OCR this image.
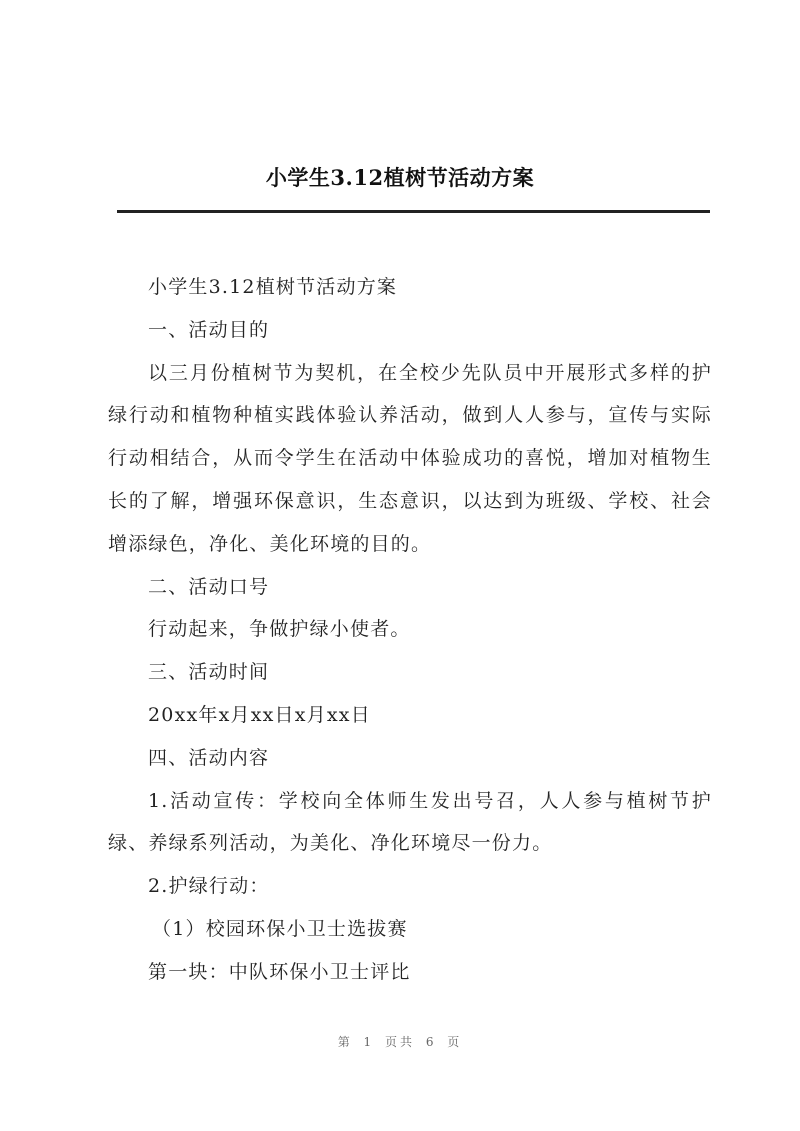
小学生3.12植树节活动方案

小学生3.12植树节活动方案

一、活动目的

以三月份植树节为契机，在全校少先队员中开展形式多样的护绿行动和植物种植实践体验认养活动，做到人人参与，宣传与实际行动相结合，从而令学生在活动中体验成功的喜悦，增加对植物生长的了解，增强环保意识，生态意识，以达到为班级、学校、社会增添绿色，净化、美化环境的目的。

二、活动口号

行动起来，争做护绿小使者。

三、活动时间

20xx年x月xx日x月xx日

四、活动内容

1.活动宣传：学校向全体师生发出号召，人人参与植树节护绿、养绿系列活动，为美化、净化环境尽一份力。

2.护绿行动：

（1）校园环保小卫士选拔赛

第一块：中队环保小卫士评比

第 1 页共 6 页
